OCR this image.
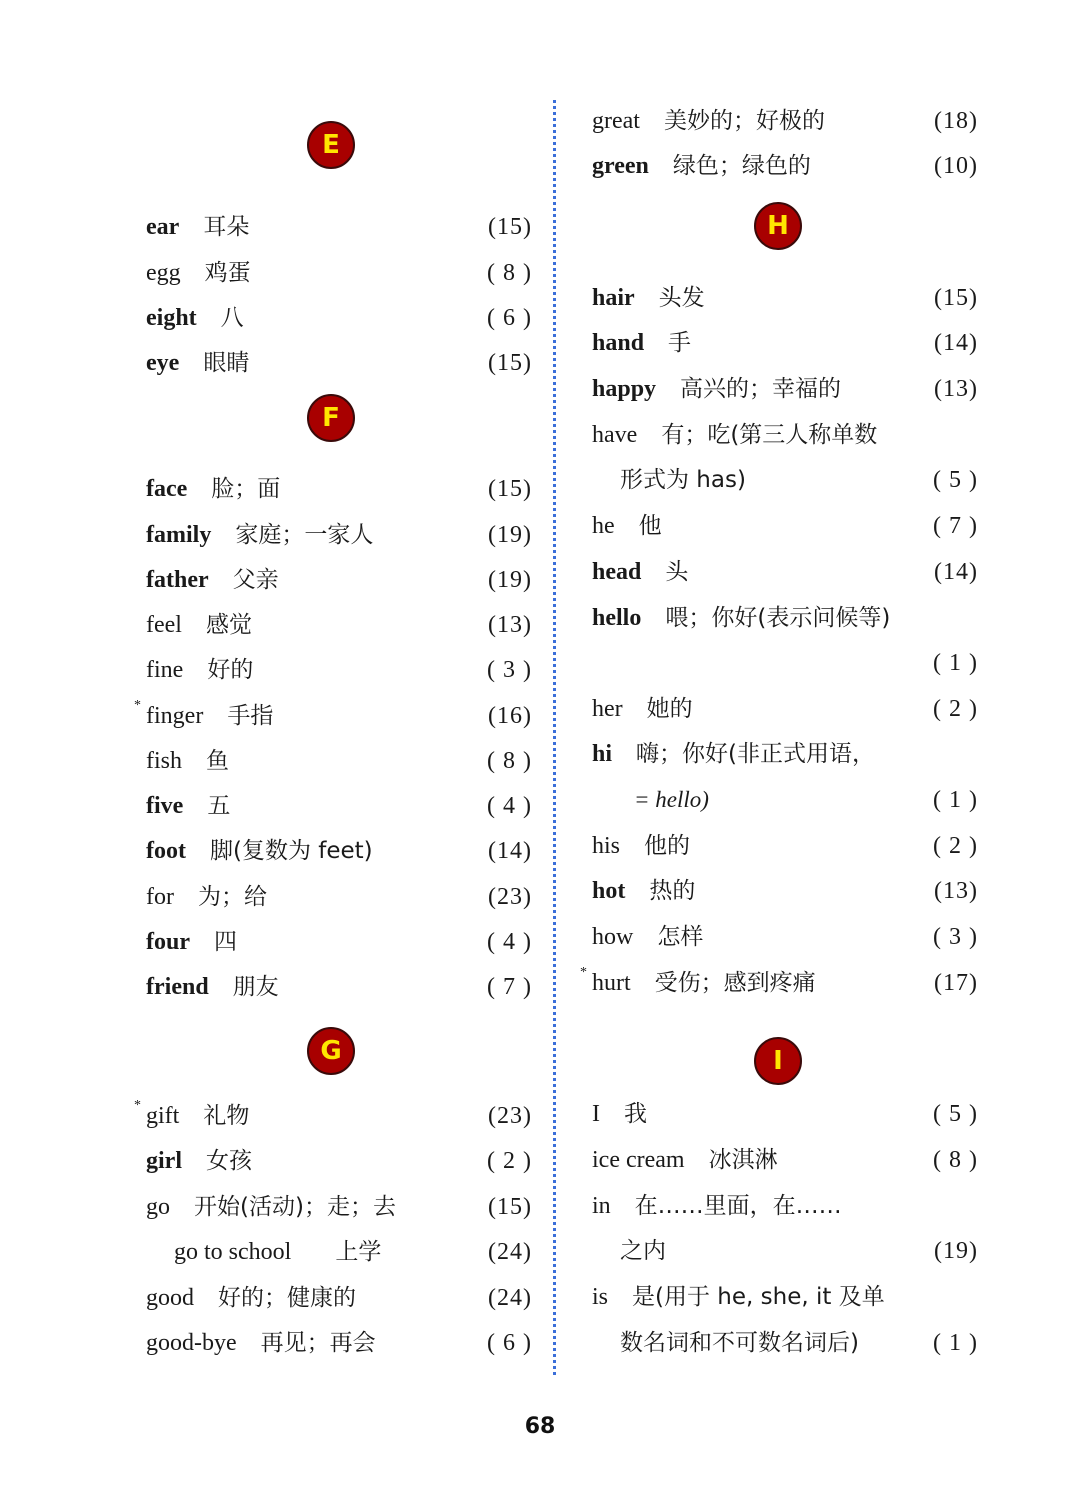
E
ear 耳朵	(15)
egg 鸡蛋	( 8 )
eight 八	( 6 )
eye 眼睛	(15)
F
face 脸；面	(15)
family 家庭；一家人	(19)
father 父亲	(19)
feel 感觉	(13)
fine 好的	( 3 )
* finger 手指	(16)
fish 鱼	( 8 )
five 五	( 4 )
foot 脚(复数为 feet)	(14)
for 为；给	(23)
four 四	( 4 )
friend 朋友	( 7 )
G
* gift 礼物	(23)
girl 女孩	( 2 )
go 开始(活动)；走；去	(15)
go to school 上学	(24)
good 好的；健康的	(24)
good-bye 再见；再会	( 6 )
great 美妙的；好极的	(18)
green 绿色；绿色的	(10)
H
hair 头发	(15)
hand 手	(14)
happy 高兴的；幸福的	(13)
have 有；吃(第三人称单数
形式为 has)	( 5 )
he 他	( 7 )
head 头	(14)
hello 喂；你好(表示问候等)
( 1 )
her 她的	( 2 )
hi 嗨；你好(非正式用语，
= hello)	( 1 )
his 他的	( 2 )
hot 热的	(13)
how 怎样	( 3 )
* hurt 受伤；感到疼痛	(17)
I
I 我	( 5 )
ice cream 冰淇淋	( 8 )
in 在……里面，在……
之内	(19)
is 是(用于 he, she, it 及单
数名词和不可数名词后)	( 1 )
68
